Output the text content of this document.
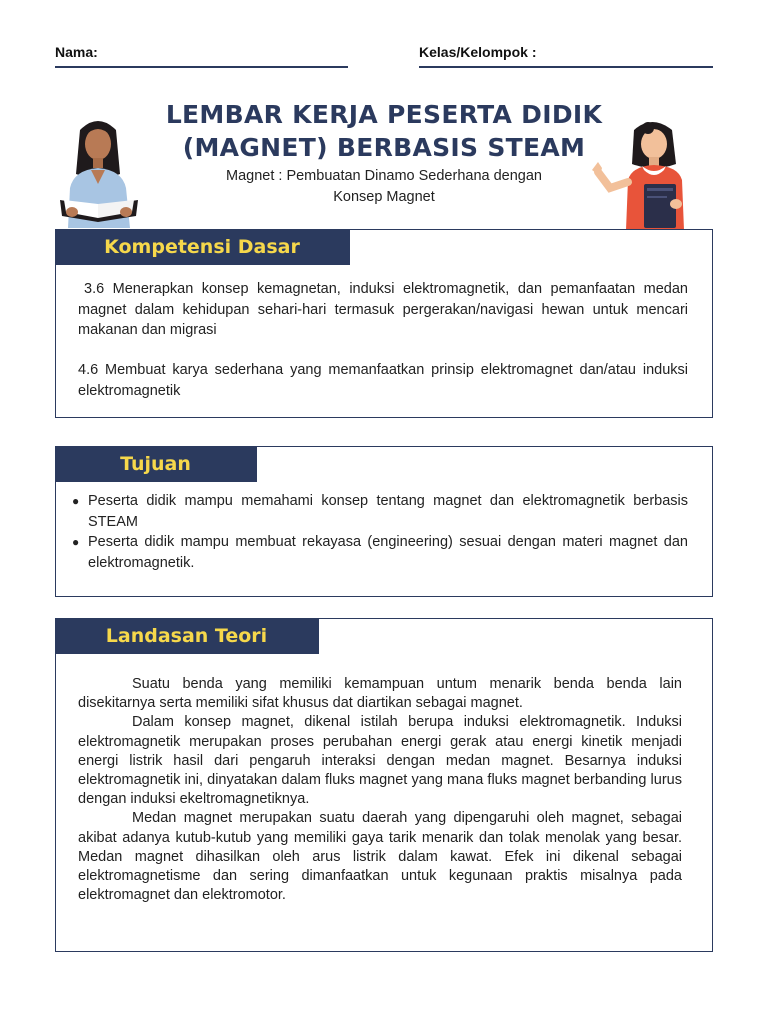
Nama:	Kelas/Kelompok :
LEMBAR KERJA PESERTA DIDIK
(MAGNET) BERBASIS STEAM
Magnet : Pembuatan Dinamo Sederhana dengan
Konsep Magnet
Kompetensi Dasar
3.6 Menerapkan konsep kemagnetan, induksi elektromagnetik, dan pemanfaatan medan magnet dalam kehidupan sehari-hari termasuk pergerakan/navigasi hewan untuk mencari makanan dan migrasi
4.6 Membuat karya sederhana yang memanfaatkan prinsip elektromagnet dan/atau induksi elektromagnetik
Tujuan
● Peserta didik mampu memahami konsep tentang magnet dan elektromagnetik berbasis STEAM
● Peserta didik mampu membuat rekayasa (engineering) sesuai dengan materi magnet dan elektromagnetik.
Landasan Teori

Suatu benda yang memiliki kemampuan untum menarik benda benda lain disekitarnya serta memiliki sifat khusus dat diartikan sebagai magnet.

Dalam konsep magnet, dikenal istilah berupa induksi elektromagnetik. Induksi elektromagnetik merupakan proses perubahan energi gerak atau energi kinetik menjadi energi listrik hasil dari pengaruh interaksi dengan medan magnet. Besarnya induksi elektromagnetik ini, dinyatakan dalam fluks magnet yang mana fluks magnet berbanding lurus dengan induksi ekeltromagnetiknya.

Medan magnet merupakan suatu daerah yang dipengaruhi oleh magnet, sebagai akibat adanya kutub-kutub yang memiliki gaya tarik menarik dan tolak menolak yang besar. Medan magnet dihasilkan oleh arus listrik dalam kawat. Efek ini dikenal sebagai elektromagnetisme dan sering dimanfaatkan untuk kegunaan praktis misalnya pada elektromagnet dan elektromotor.
